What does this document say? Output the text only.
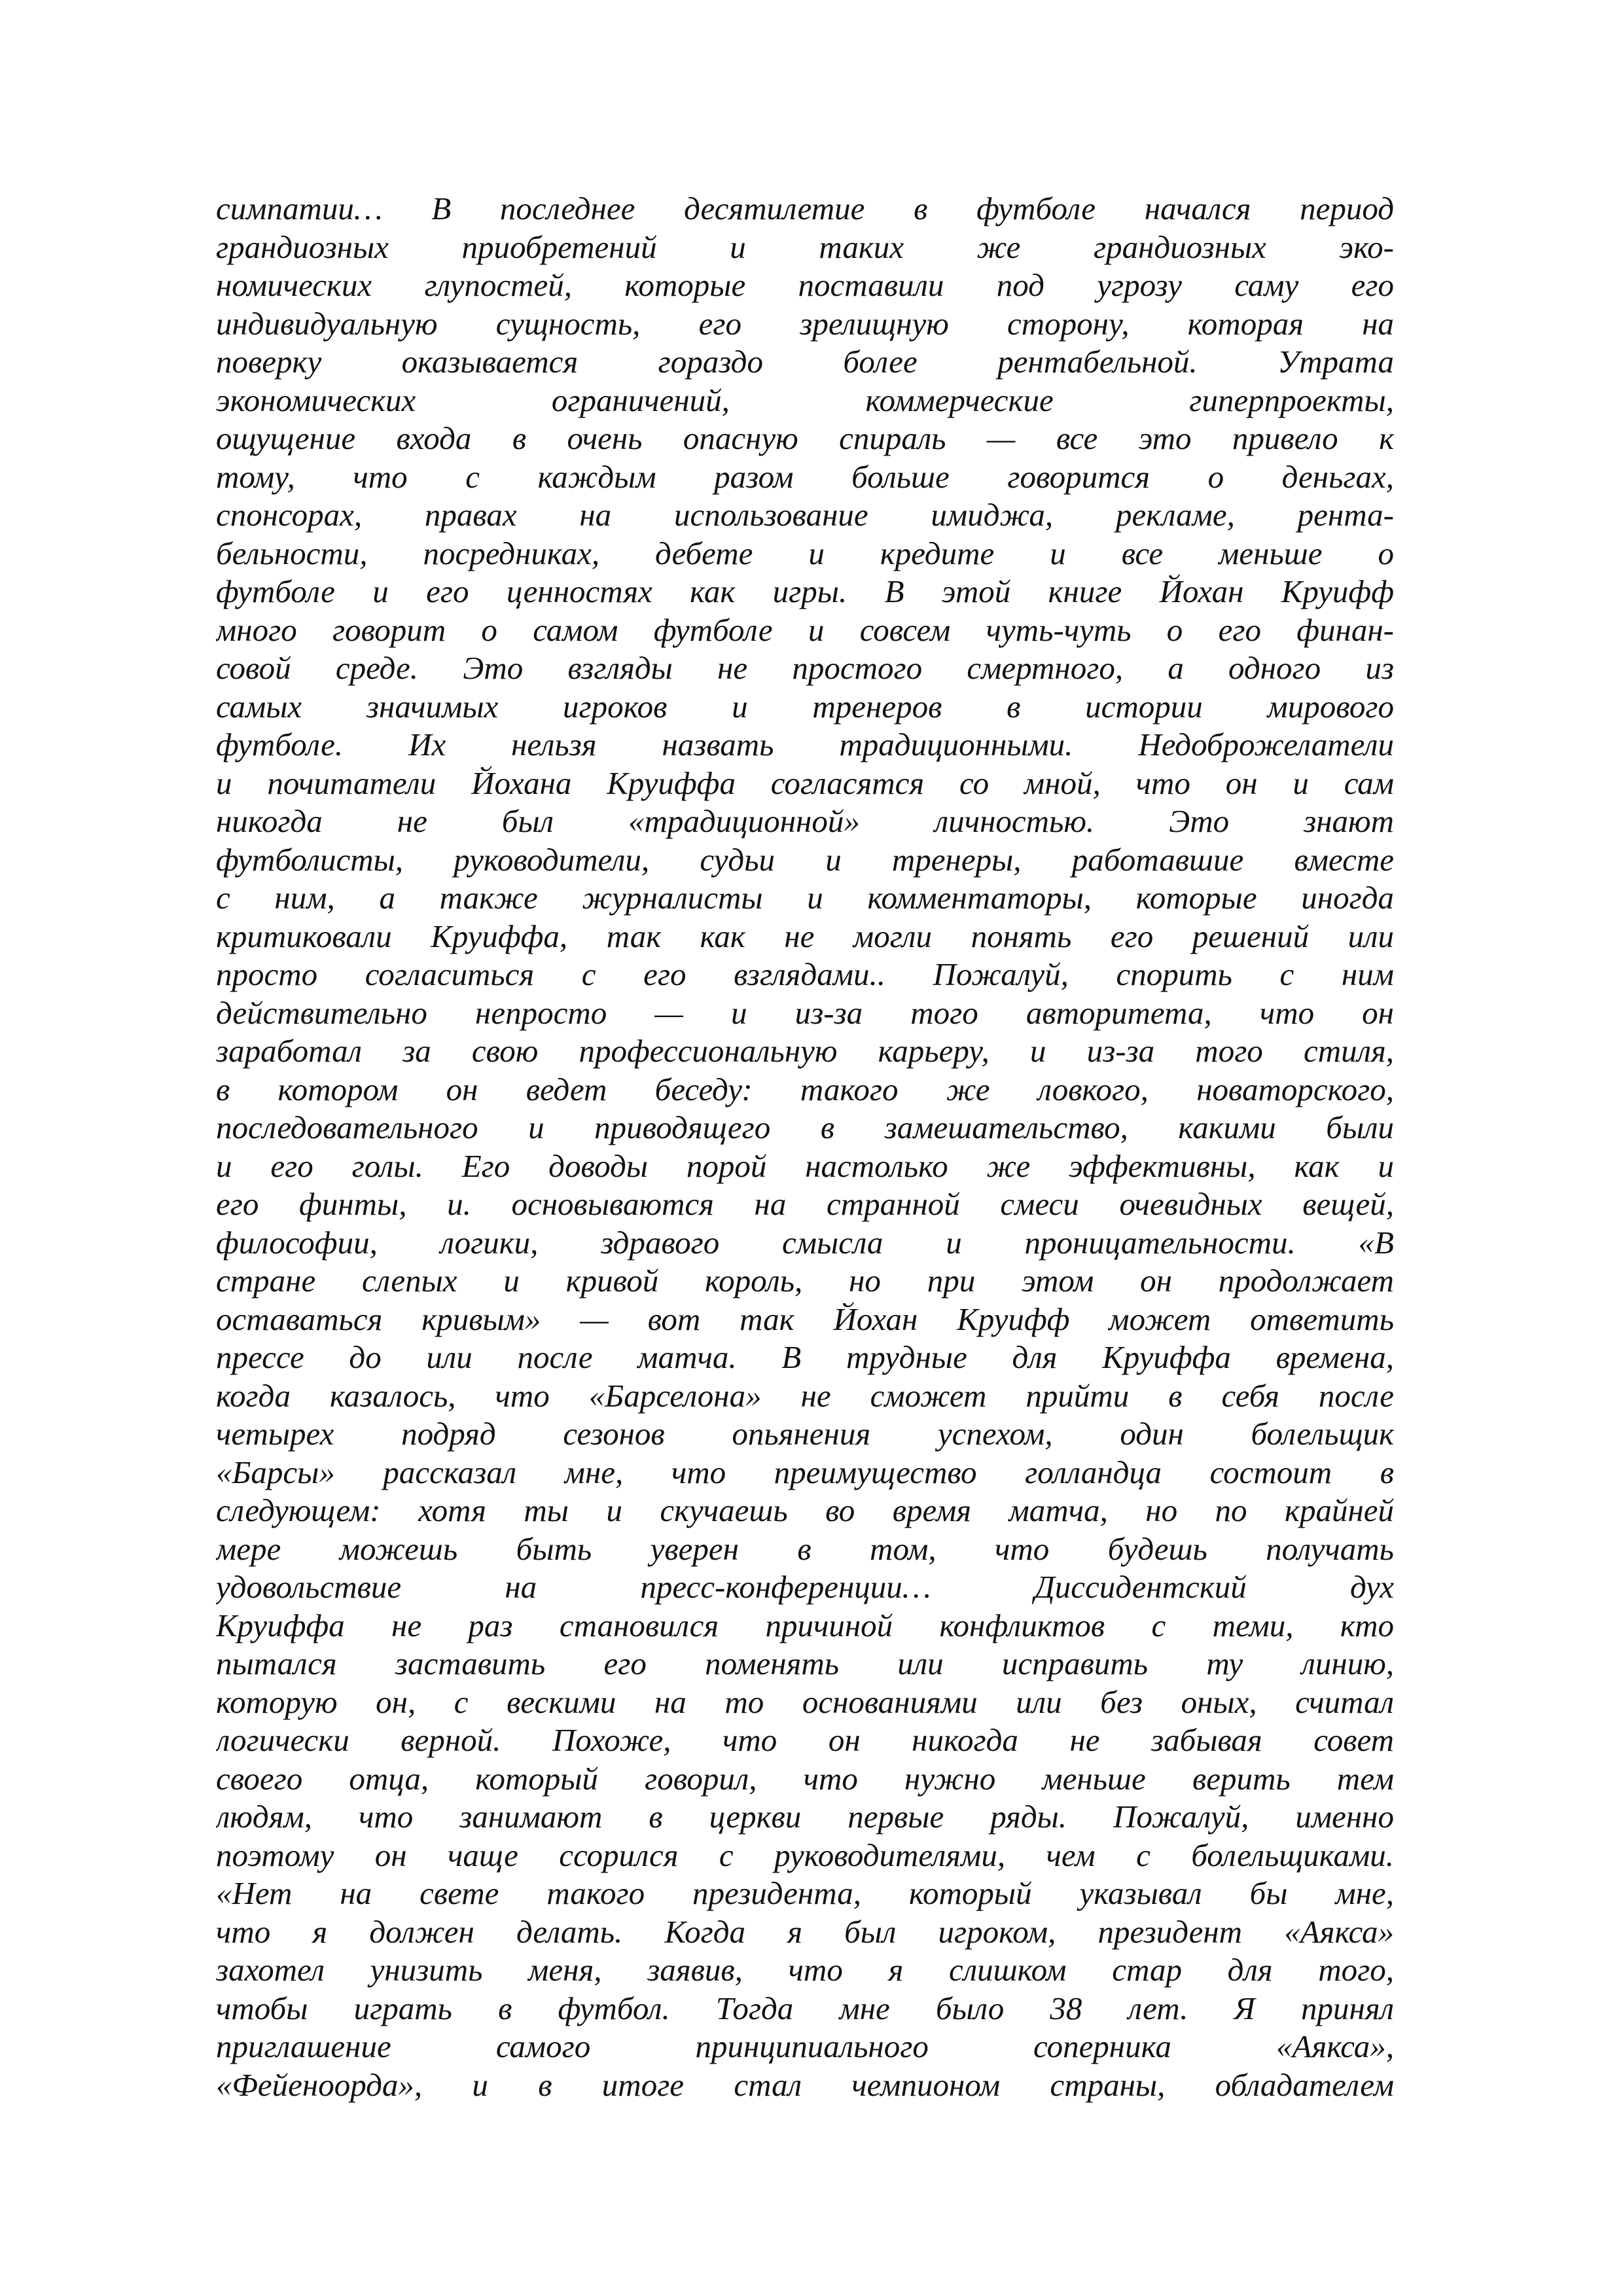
симпатии… В последнее десятилетие в футболе начался период
грандиозных приобретений и таких же грандиозных эко-
номических глупостей, которые поставили под угрозу саму его
индивидуальную сущность, его зрелищную сторону, которая на
поверку оказывается гораздо более рентабельной. Утрата
экономических ограничений, коммерческие гиперпроекты,
ощущение входа в очень опасную спираль — все это привело к
тому, что с каждым разом больше говорится о деньгах,
спонсорах, правах на использование имиджа, рекламе, рента-
бельности, посредниках, дебете и кредите и все меньше о
футболе и его ценностях как игры. В этой книге Йохан Круифф
много говорит о самом футболе и совсем чуть-чуть о его финан-
совой среде. Это взгляды не простого смертного, а одного из
самых значимых игроков и тренеров в истории мирового
футболе. Их нельзя назвать традиционными. Недоброжелатели
и почитатели Йохана Круиффа согласятся со мной, что он и сам
никогда не был «традиционной» личностью. Это знают
футболисты, руководители, судьи и тренеры, работавшие вместе
с ним, а также журналисты и комментаторы, которые иногда
критиковали Круиффа, так как не могли понять его решений или
просто согласиться с его взглядами.. Пожалуй, спорить с ним
действительно непросто — и из-за того авторитета, что он
заработал за свою профессиональную карьеру, и из-за того стиля,
в котором он ведет беседу: такого же ловкого, новаторского,
последовательного и приводящего в замешательство, какими были
и его голы. Его доводы порой настолько же эффективны, как и
его финты, и. основываются на странной смеси очевидных вещей,
философии, логики, здравого смысла и проницательности. «В
стране слепых и кривой король, но при этом он продолжает
оставаться кривым» — вот так Йохан Круифф может ответить
прессе до или после матча. В трудные для Круиффа времена,
когда казалось, что «Барселона» не сможет прийти в себя после
четырех подряд сезонов опьянения успехом, один болельщик
«Барсы» рассказал мне, что преимущество голландца состоит в
следующем: хотя ты и скучаешь во время матча, но по крайней
мере можешь быть уверен в том, что будешь получать
удовольствие на пресс-конференции… Диссидентский дух
Круиффа не раз становился причиной конфликтов с теми, кто
пытался заставить его поменять или исправить ту линию,
которую он, с вескими на то основаниями или без оных, считал
логически верной. Похоже, что он никогда не забывая совет
своего отца, который говорил, что нужно меньше верить тем
людям, что занимают в церкви первые ряды. Пожалуй, именно
поэтому он чаще ссорился с руководителями, чем с болельщиками.
«Нет на свете такого президента, который указывал бы мне,
что я должен делать. Когда я был игроком, президент «Аякса»
захотел унизить меня, заявив, что я слишком стар для того,
чтобы играть в футбол. Тогда мне было 38 лет. Я принял
приглашение самого принципиального соперника «Аякса»,
«Фейеноорда», и в итоге стал чемпионом страны, обладателем
